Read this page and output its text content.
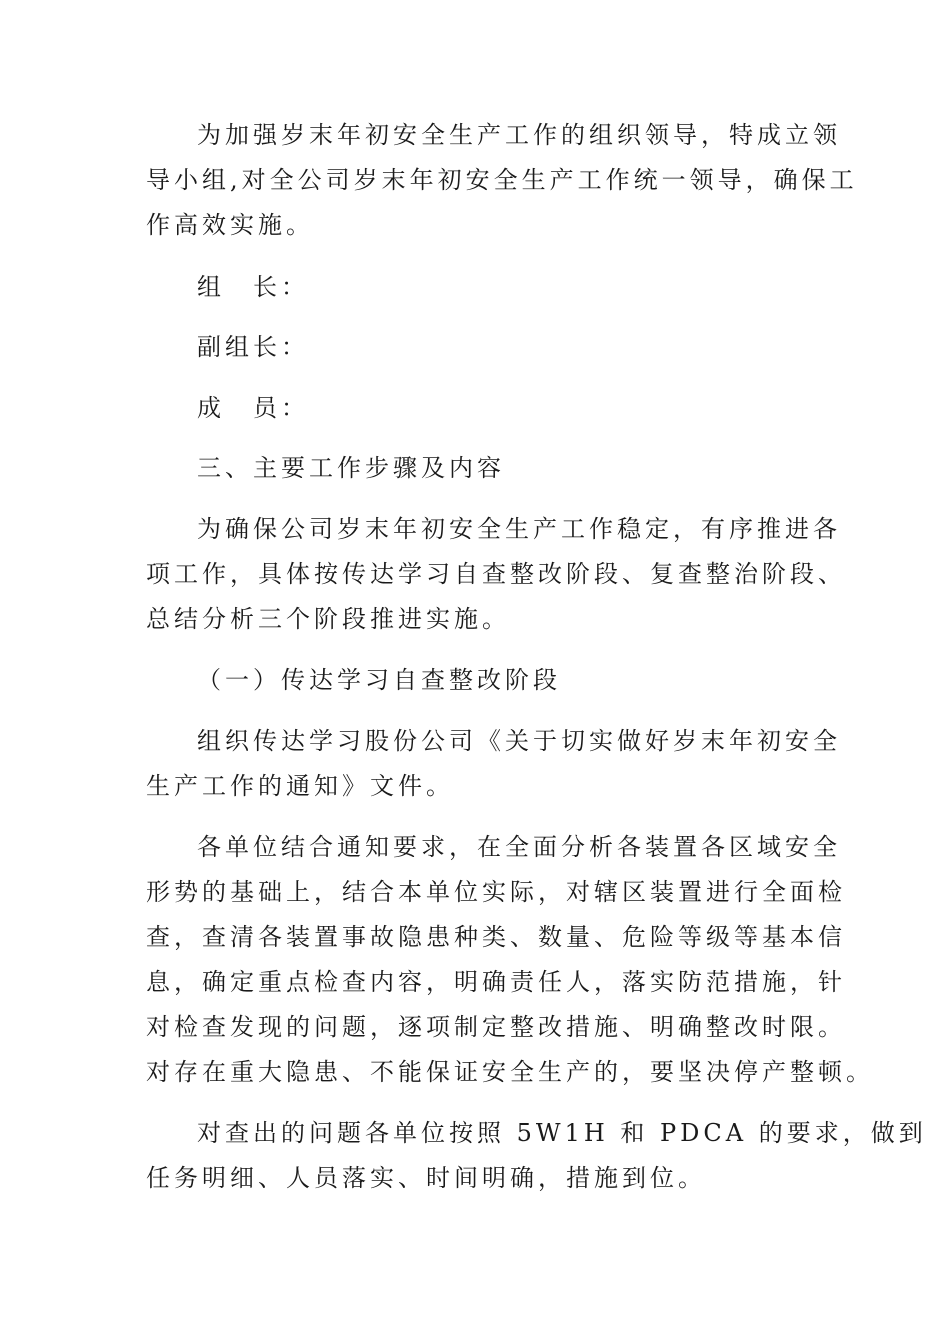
为加强岁末年初安全生产工作的组织领导，特成立领
导小组,对全公司岁末年初安全生产工作统一领导，确保工
作高效实施。
组　长：
副组长：
成　员：
三、主要工作步骤及内容
为确保公司岁末年初安全生产工作稳定，有序推进各
项工作，具体按传达学习自查整改阶段、复查整治阶段、
总结分析三个阶段推进实施。
（一）传达学习自查整改阶段
组织传达学习股份公司《关于切实做好岁末年初安全
生产工作的通知》文件。
各单位结合通知要求，在全面分析各装置各区域安全
形势的基础上，结合本单位实际，对辖区装置进行全面检
查，查清各装置事故隐患种类、数量、危险等级等基本信
息，确定重点检查内容，明确责任人，落实防范措施，针
对检查发现的问题，逐项制定整改措施、明确整改时限。
对存在重大隐患、不能保证安全生产的，要坚决停产整顿。
对查出的问题各单位按照 5W1H 和 PDCA 的要求，做到
任务明细、人员落实、时间明确，措施到位。
